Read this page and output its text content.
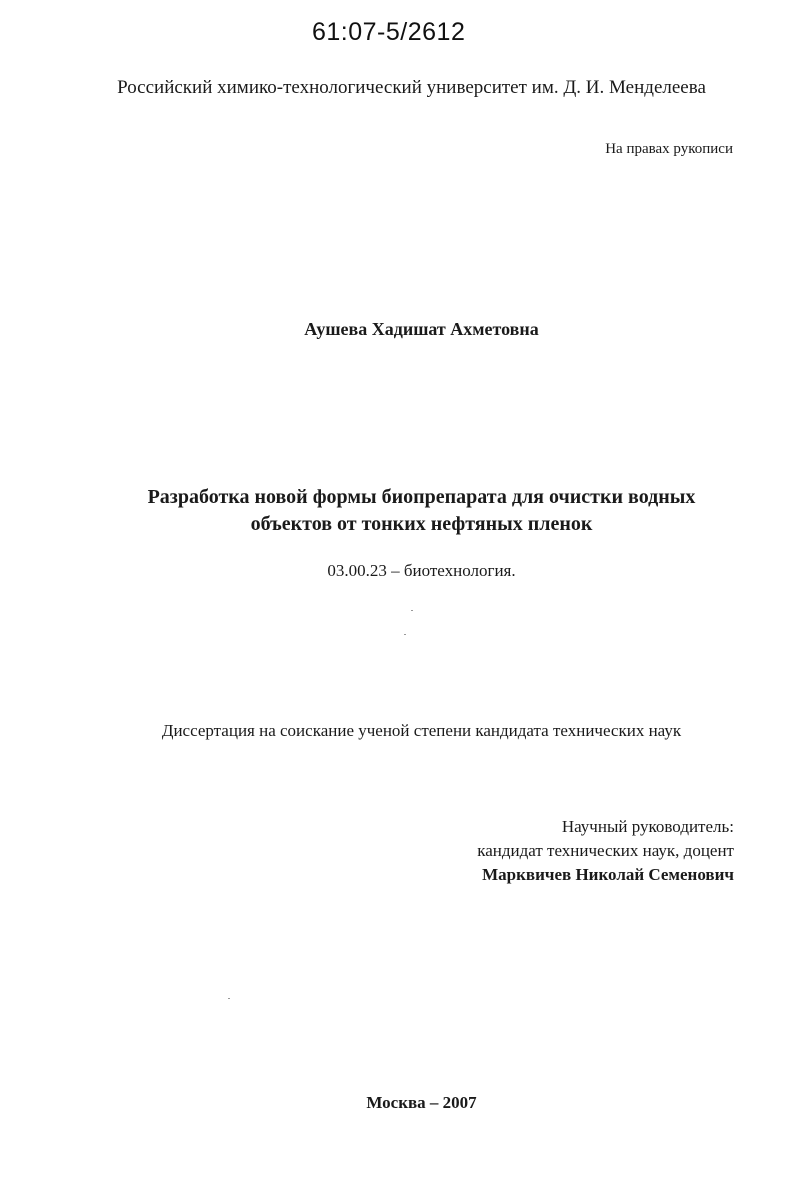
61:07-5/2612
Российский химико-технологический университет им. Д. И. Менделеева
На правах рукописи
Аушева Хадишат Ахметовна
Разработка новой формы биопрепарата для очистки водных
объектов от тонких нефтяных пленок
03.00.23 – биотехнология.
Диссертация на соискание ученой степени кандидата технических наук
Научный руководитель:
кандидат технических наук, доцент
Марквичев Николай Семенович
Москва – 2007
